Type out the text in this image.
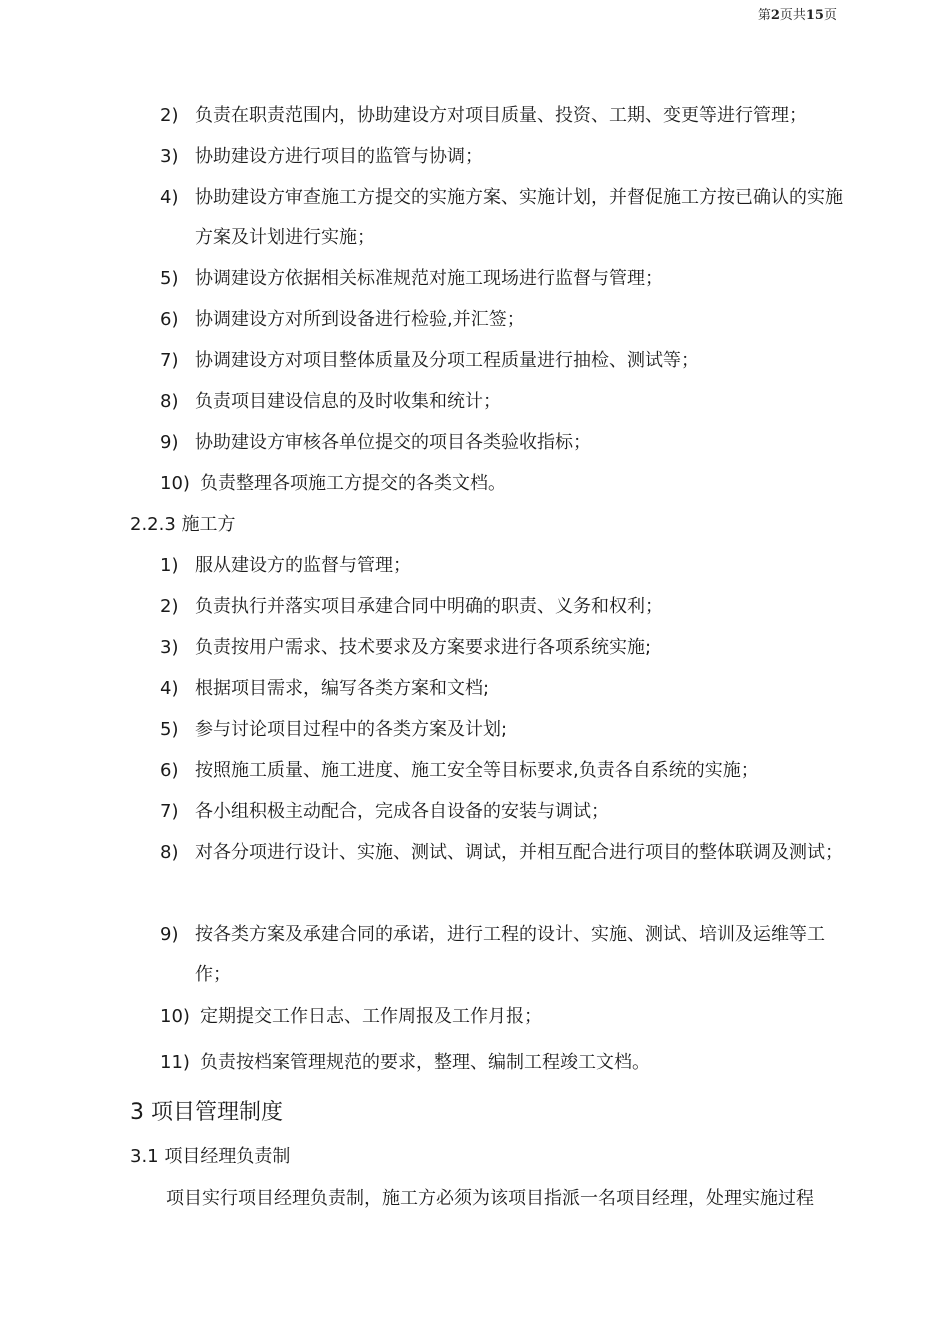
第2页共15页
2) 负责在职责范围内，协助建设方对项目质量、投资、工期、变更等进行管理；
3) 协助建设方进行项目的监管与协调；
4) 协助建设方审查施工方提交的实施方案、实施计划，并督促施工方按已确认的实施方案及计划进行实施；
5) 协调建设方依据相关标准规范对施工现场进行监督与管理；
6) 协调建设方对所到设备进行检验,并汇签；
7) 协调建设方对项目整体质量及分项工程质量进行抽检、测试等；
8) 负责项目建设信息的及时收集和统计；
9) 协助建设方审核各单位提交的项目各类验收指标；
10) 负责整理各项施工方提交的各类文档。
2.2.3 施工方
1) 服从建设方的监督与管理；
2) 负责执行并落实项目承建合同中明确的职责、义务和权利；
3) 负责按用户需求、技术要求及方案要求进行各项系统实施;
4) 根据项目需求，编写各类方案和文档;
5) 参与讨论项目过程中的各类方案及计划;
6) 按照施工质量、施工进度、施工安全等目标要求,负责各自系统的实施；
7) 各小组积极主动配合，完成各自设备的安装与调试；
8) 对各分项进行设计、实施、测试、调试，并相互配合进行项目的整体联调及测试；
9) 按各类方案及承建合同的承诺，进行工程的设计、实施、测试、培训及运维等工作；
10) 定期提交工作日志、工作周报及工作月报；
11) 负责按档案管理规范的要求，整理、编制工程竣工文档。
3 项目管理制度
3.1 项目经理负责制
项目实行项目经理负责制，施工方必须为该项目指派一名项目经理，处理实施过程
